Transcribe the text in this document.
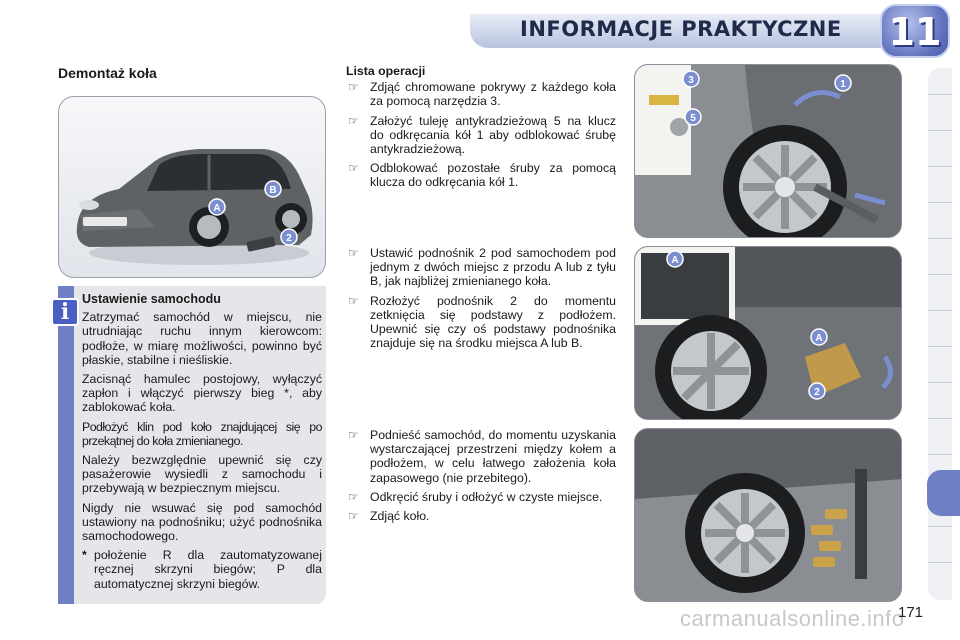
INFORMACJE PRAKTYCZNE 11
Demontaż koła
A
B
2
i	Ustawienie samochodu

Zatrzymać samochód w miejscu, nie utrudniając ruchu innym kierowcom: podłoże, w miarę możliwości, powinno być płaskie, stabilne i nieśliskie.

Zacisnąć hamulec postojowy, wyłączyć zapłon i włączyć pierwszy bieg *, aby zablokować koła.

Podłożyć klin pod koło znajdującej się po przekątnej do koła zmienianego.

Należy bezwzględnie upewnić się czy pasażerowie wysiedli z samochodu i przebywają w bezpiecznym miejscu.

Nigdy nie wsuwać się pod samochód ustawiony na podnośniku; użyć podnośnika samochodowego.

* położenie R dla zautomatyzowanej ręcznej skrzyni biegów; P dla automatycznej skrzyni biegów.
Lista operacji
☞ Zdjąć chromowane pokrywy z każdego koła za pomocą narzędzia 3.
☞ Założyć tuleję antykradzieżową 5 na klucz do odkręcania kół 1 aby odblokować śrubę antykradzieżową.
☞ Odblokować pozostałe śruby za pomocą klucza do odkręcania kół 1.
☞ Ustawić podnośnik 2 pod samochodem pod jednym z dwóch miejsc z przodu A lub z tyłu B, jak najbliżej zmienianego koła.
☞ Rozłożyć podnośnik 2 do momentu zetknięcia się podstawy z podłożem. Upewnić się czy oś podstawy podnośnika znajduje się na środku miejsca A lub B.
☞ Podnieść samochód, do momentu uzyskania wystarczającej przestrzeni między kołem a podłożem, w celu łatwego założenia koła zapasowego (nie przebitego).
☞ Odkręcić śruby i odłożyć w czyste miejsce.
☞ Zdjąć koło.
3	1
5
A
A
2
carmanualsonline.info
171
